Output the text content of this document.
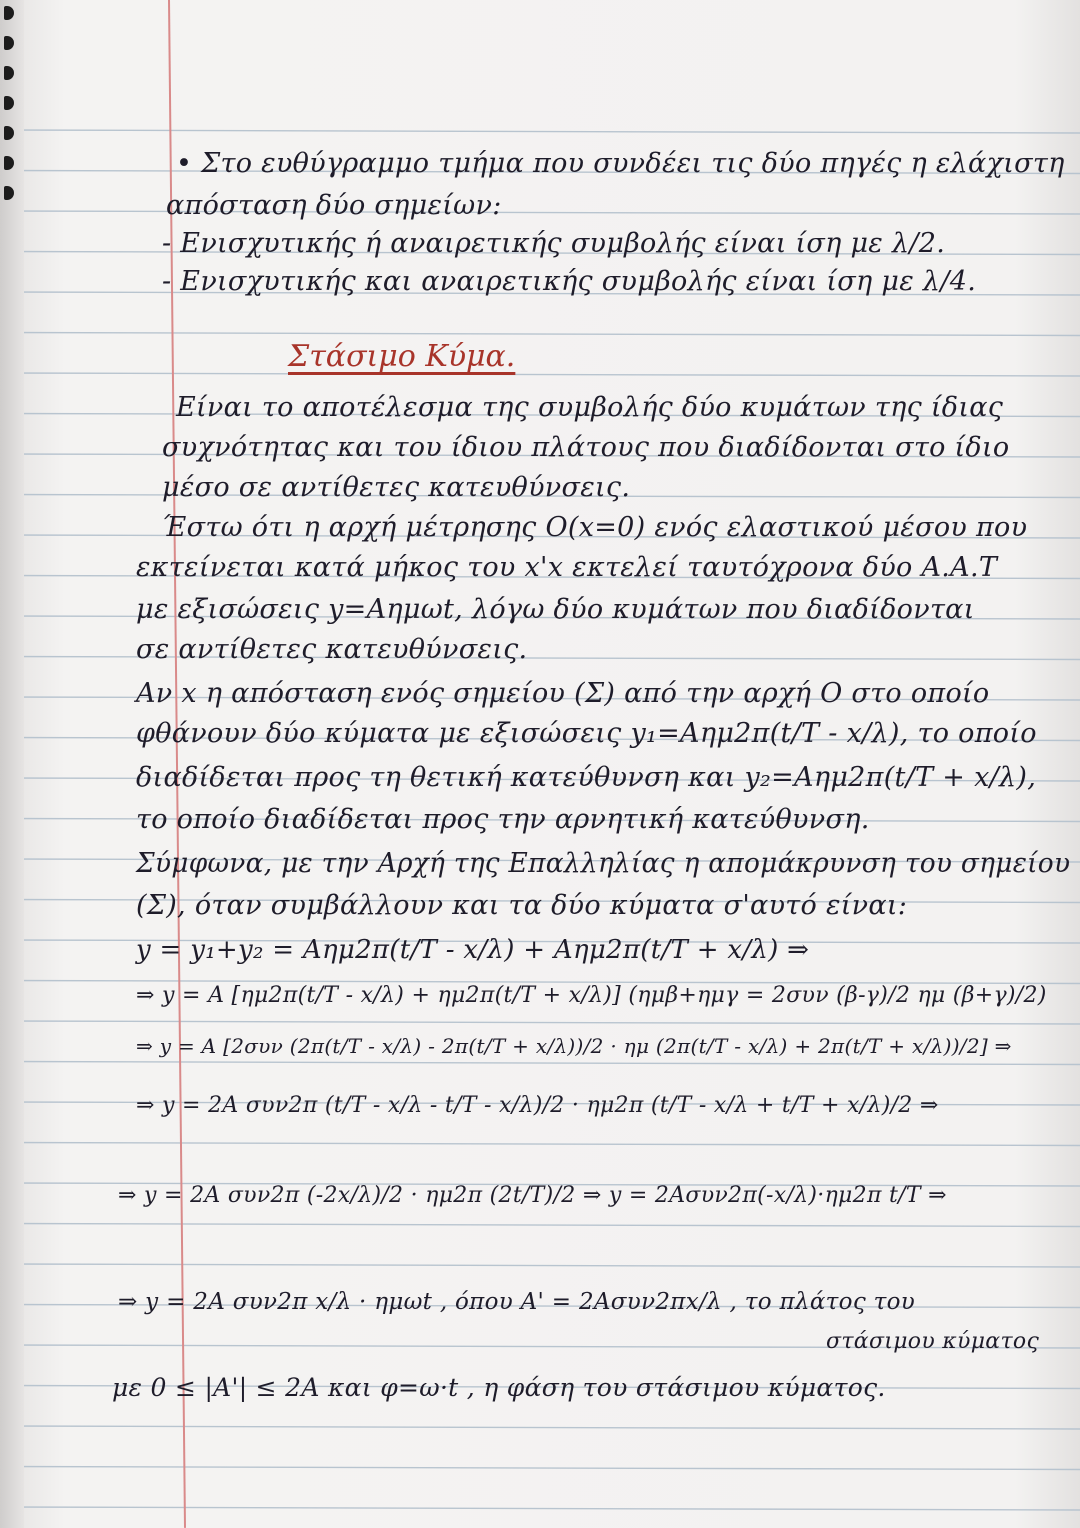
• Στο ευθύγραμμο τμήμα που συνδέει τις δύο πηγές η ελάχιστη
απόσταση δύο σημείων:
- Ενισχυτικής ή αναιρετικής συμβολής είναι ίση με λ/2.
- Ενισχυτικής και αναιρετικής συμβολής είναι ίση με λ/4.
Στάσιμο Κύμα.
Είναι το αποτέλεσμα της συμβολής δύο κυμάτων της ίδιας
συχνότητας και του ίδιου πλάτους που διαδίδονται στο ίδιο
μέσο σε αντίθετες κατευθύνσεις.
Έστω ότι η αρχή μέτρησης Ο(x=0) ενός ελαστικού μέσου που
εκτείνεται κατά μήκος του x'x εκτελεί ταυτόχρονα δύο Α.Α.Τ
με εξισώσεις y=Aημωt, λόγω δύο κυμάτων που διαδίδονται
σε αντίθετες κατευθύνσεις.
Αν x η απόσταση ενός σημείου (Σ) από την αρχή Ο στο οποίο
φθάνουν δύο κύματα με εξισώσεις y₁=Aημ2π(t/T - x/λ), το οποίο
διαδίδεται προς τη θετική κατεύθυνση και y₂=Aημ2π(t/T + x/λ),
το οποίο διαδίδεται προς την αρνητική κατεύθυνση.
Σύμφωνα, με την Αρχή της Επαλληλίας η απομάκρυνση του σημείου
(Σ), όταν συμβάλλουν και τα δύο κύματα σ'αυτό είναι:
y = y₁+y₂ = Aημ2π(t/T - x/λ) + Aημ2π(t/T + x/λ) ⇒
⇒ y = A [ημ2π(t/T - x/λ) + ημ2π(t/T + x/λ)] (ημβ+ημγ = 2συν (β-γ)/2 ημ (β+γ)/2)
⇒ y = A [2συν (2π(t/T - x/λ) - 2π(t/T + x/λ))/2 · ημ (2π(t/T - x/λ) + 2π(t/T + x/λ))/2] ⇒
⇒ y = 2A συν2π (t/T - x/λ - t/T - x/λ)/2 · ημ2π (t/T - x/λ + t/T + x/λ)/2 ⇒
⇒ y = 2A συν2π (-2x/λ)/2 · ημ2π (2t/T)/2 ⇒ y = 2Aσυν2π(-x/λ)·ημ2π t/T ⇒
⇒ y = 2A συν2π x/λ · ημωt , όπου A' = 2Aσυν2πx/λ , το πλάτος του
στάσιμου κύματος
με 0 ≤ |A'| ≤ 2A και φ=ω·t , η φάση του στάσιμου κύματος.
